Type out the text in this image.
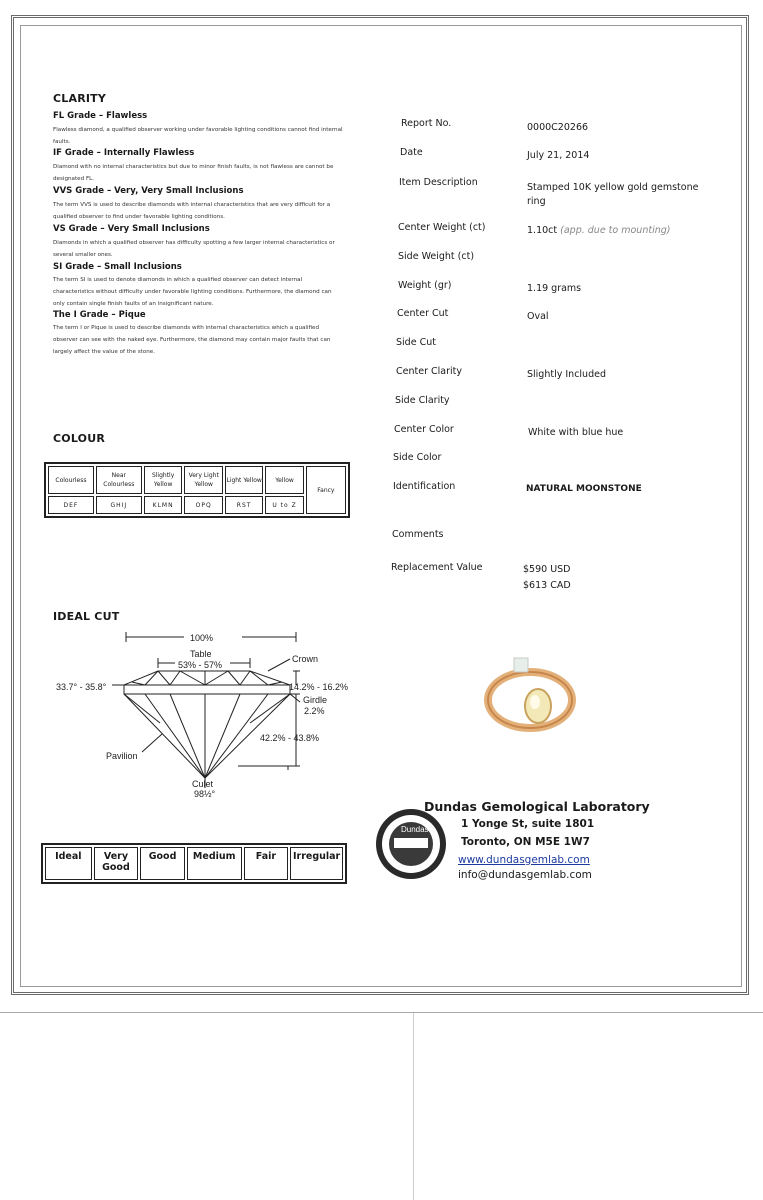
CLARITY
FL Grade – Flawless
Flawless diamond, a qualified observer working under favorable lighting conditions cannot find internal faults.
IF Grade – Internally Flawless
Diamond with no internal characteristics but due to minor finish faults, is not flawless are cannot be designated FL.
VVS Grade – Very, Very Small Inclusions
The term VVS is used to describe diamonds with internal characteristics that are very difficult for a qualified observer to find under favorable lighting conditions.
VS Grade – Very Small Inclusions
Diamonds in which a qualified observer has difficulty spotting a few larger internal characteristics or several smaller ones.
SI Grade – Small Inclusions
The term SI is used to denote diamonds in which a qualified observer can detect internal characteristics without difficulty under favorable lighting conditions. Furthermore, the diamond can only contain single finish faults of an insignificant nature.
The I Grade – Pique
The term I or Pique is used to describe diamonds with internal characteristics which a qualified observer can see with the naked eye. Furthermore, the diamond may contain major faults that can largely affect the value of the stone.
COLOUR
Colourless	Near Colourless	Slightly Yellow	Very Light Yellow	Light Yellow	Yellow	Fancy
DEF	GHIJ	KLMN	OPQ	RST	U to Z	
IDEAL CUT
100%
Table
53% - 57%
Crown
33.7° - 35.8°	14.2% - 16.2%
Girdle
2.2%
42.2% - 43.8%
Pavilion
Culet
98½°
Ideal	Very Good	Good	Medium	Fair	Irregular
Report No.	0000C20266
Date	July 21, 2014
Item Description	Stamped 10K yellow gold gemstone
ring
Center Weight (ct)	1.10ct (app. due to mounting)
Side Weight (ct)
Weight (gr)	1.19 grams
Center Cut	Oval
Side Cut
Center Clarity	Slightly Included
Side Clarity
Center Color	White with blue hue
Side Color
Identification	NATURAL MOONSTONE
Comments
Replacement Value	$590 USD
$613 CAD
Dundas
Dundas Gemological Laboratory
1 Yonge St, suite 1801
Toronto, ON M5E 1W7
www.dundasgemlab.com
info@dundasgemlab.com
